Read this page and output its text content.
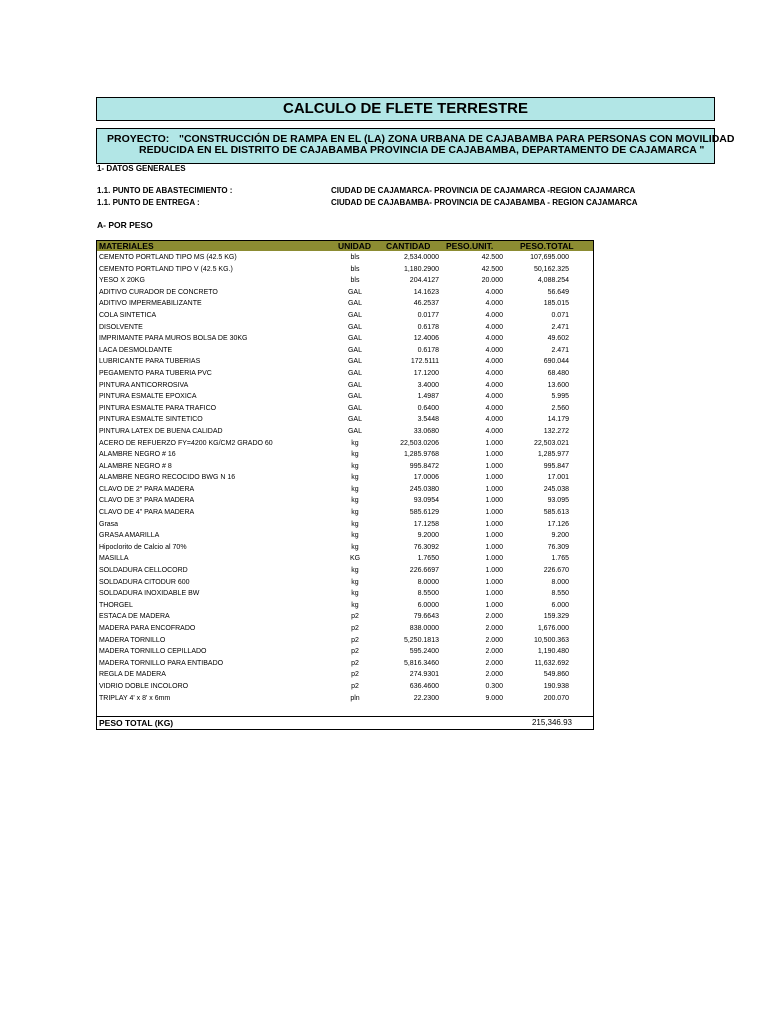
CALCULO DE FLETE TERRESTRE
PROYECTO: "CONSTRUCCIÓN DE RAMPA EN EL (LA) ZONA URBANA DE CAJABAMBA PARA PERSONAS CON MOVILIDAD
REDUCIDA EN EL DISTRITO DE CAJABAMBA PROVINCIA DE CAJABAMBA, DEPARTAMENTO DE CAJAMARCA "
1- DATOS GENERALES
1.1. PUNTO DE ABASTECIMIENTO :	CIUDAD DE CAJAMARCA- PROVINCIA DE CAJAMARCA -REGION CAJAMARCA
1.1. PUNTO DE ENTREGA :	CIUDAD DE CAJABAMBA- PROVINCIA DE CAJABAMBA - REGION CAJAMARCA
A- POR PESO
MATERIALES	UNIDAD CANTIDAD PESO.UNIT.	PESO.TOTAL
CEMENTO PORTLAND TIPO MS (42.5 KG)	bls	2,534.0000	42.500	107,695.000
CEMENTO PORTLAND TIPO V (42.5 KG.)	bls	1,180.2900	42.500	50,162.325
YESO X 20KG	bls	204.4127	20.000	4,088.254
ADITIVO CURADOR DE CONCRETO	GAL	14.1623	4.000	56.649
ADITIVO IMPERMEABILIZANTE	GAL	46.2537	4.000	185.015
COLA SINTETICA	GAL	0.0177	4.000	0.071
DISOLVENTE	GAL	0.6178	4.000	2.471
IMPRIMANTE PARA MUROS BOLSA DE 30KG	GAL	12.4006	4.000	49.602
LACA DESMOLDANTE	GAL	0.6178	4.000	2.471
LUBRICANTE PARA TUBERIAS	GAL	172.5111	4.000	690.044
PEGAMENTO PARA TUBERIA PVC	GAL	17.1200	4.000	68.480
PINTURA ANTICORROSIVA	GAL	3.4000	4.000	13.600
PINTURA ESMALTE EPOXICA	GAL	1.4987	4.000	5.995
PINTURA ESMALTE PARA TRAFICO	GAL	0.6400	4.000	2.560
PINTURA ESMALTE SINTETICO	GAL	3.5448	4.000	14.179
PINTURA LATEX DE BUENA CALIDAD	GAL	33.0680	4.000	132.272
ACERO DE REFUERZO FY=4200 KG/CM2 GRADO 60	kg	22,503.0206	1.000	22,503.021
ALAMBRE NEGRO # 16	kg	1,285.9768	1.000	1,285.977
ALAMBRE NEGRO # 8	kg	995.8472	1.000	995.847
ALAMBRE NEGRO RECOCIDO BWG N 16	kg	17.0006	1.000	17.001
CLAVO DE 2" PARA MADERA	kg	245.0380	1.000	245.038
CLAVO DE 3" PARA MADERA	kg	93.0954	1.000	93.095
CLAVO DE 4" PARA MADERA	kg	585.6129	1.000	585.613
Grasa	kg	17.1258	1.000	17.126
GRASA AMARILLA	kg	9.2000	1.000	9.200
Hipoclorito de Calcio al 70%	kg	76.3092	1.000	76.309
MASILLA	KG	1.7650	1.000	1.765
SOLDADURA CELLOCORD	kg	226.6697	1.000	226.670
SOLDADURA CITODUR 600	kg	8.0000	1.000	8.000
SOLDADURA INOXIDABLE BW	kg	8.5500	1.000	8.550
THORGEL	kg	6.0000	1.000	6.000
ESTACA DE MADERA	p2	79.6643	2.000	159.329
MADERA PARA ENCOFRADO	p2	838.0000	2.000	1,676.000
MADERA TORNILLO	p2	5,250.1813	2.000	10,500.363
MADERA TORNILLO CEPILLADO	p2	595.2400	2.000	1,190.480
MADERA TORNILLO PARA ENTIBADO	p2	5,816.3460	2.000	11,632.692
REGLA DE MADERA	p2	274.9301	2.000	549.860
VIDRIO DOBLE INCOLORO	p2	636.4600	0.300	190.938
TRIPLAY 4' x 8' x 6mm	pln	22.2300	9.000	200.070
PESO TOTAL (KG)	215,346.93
